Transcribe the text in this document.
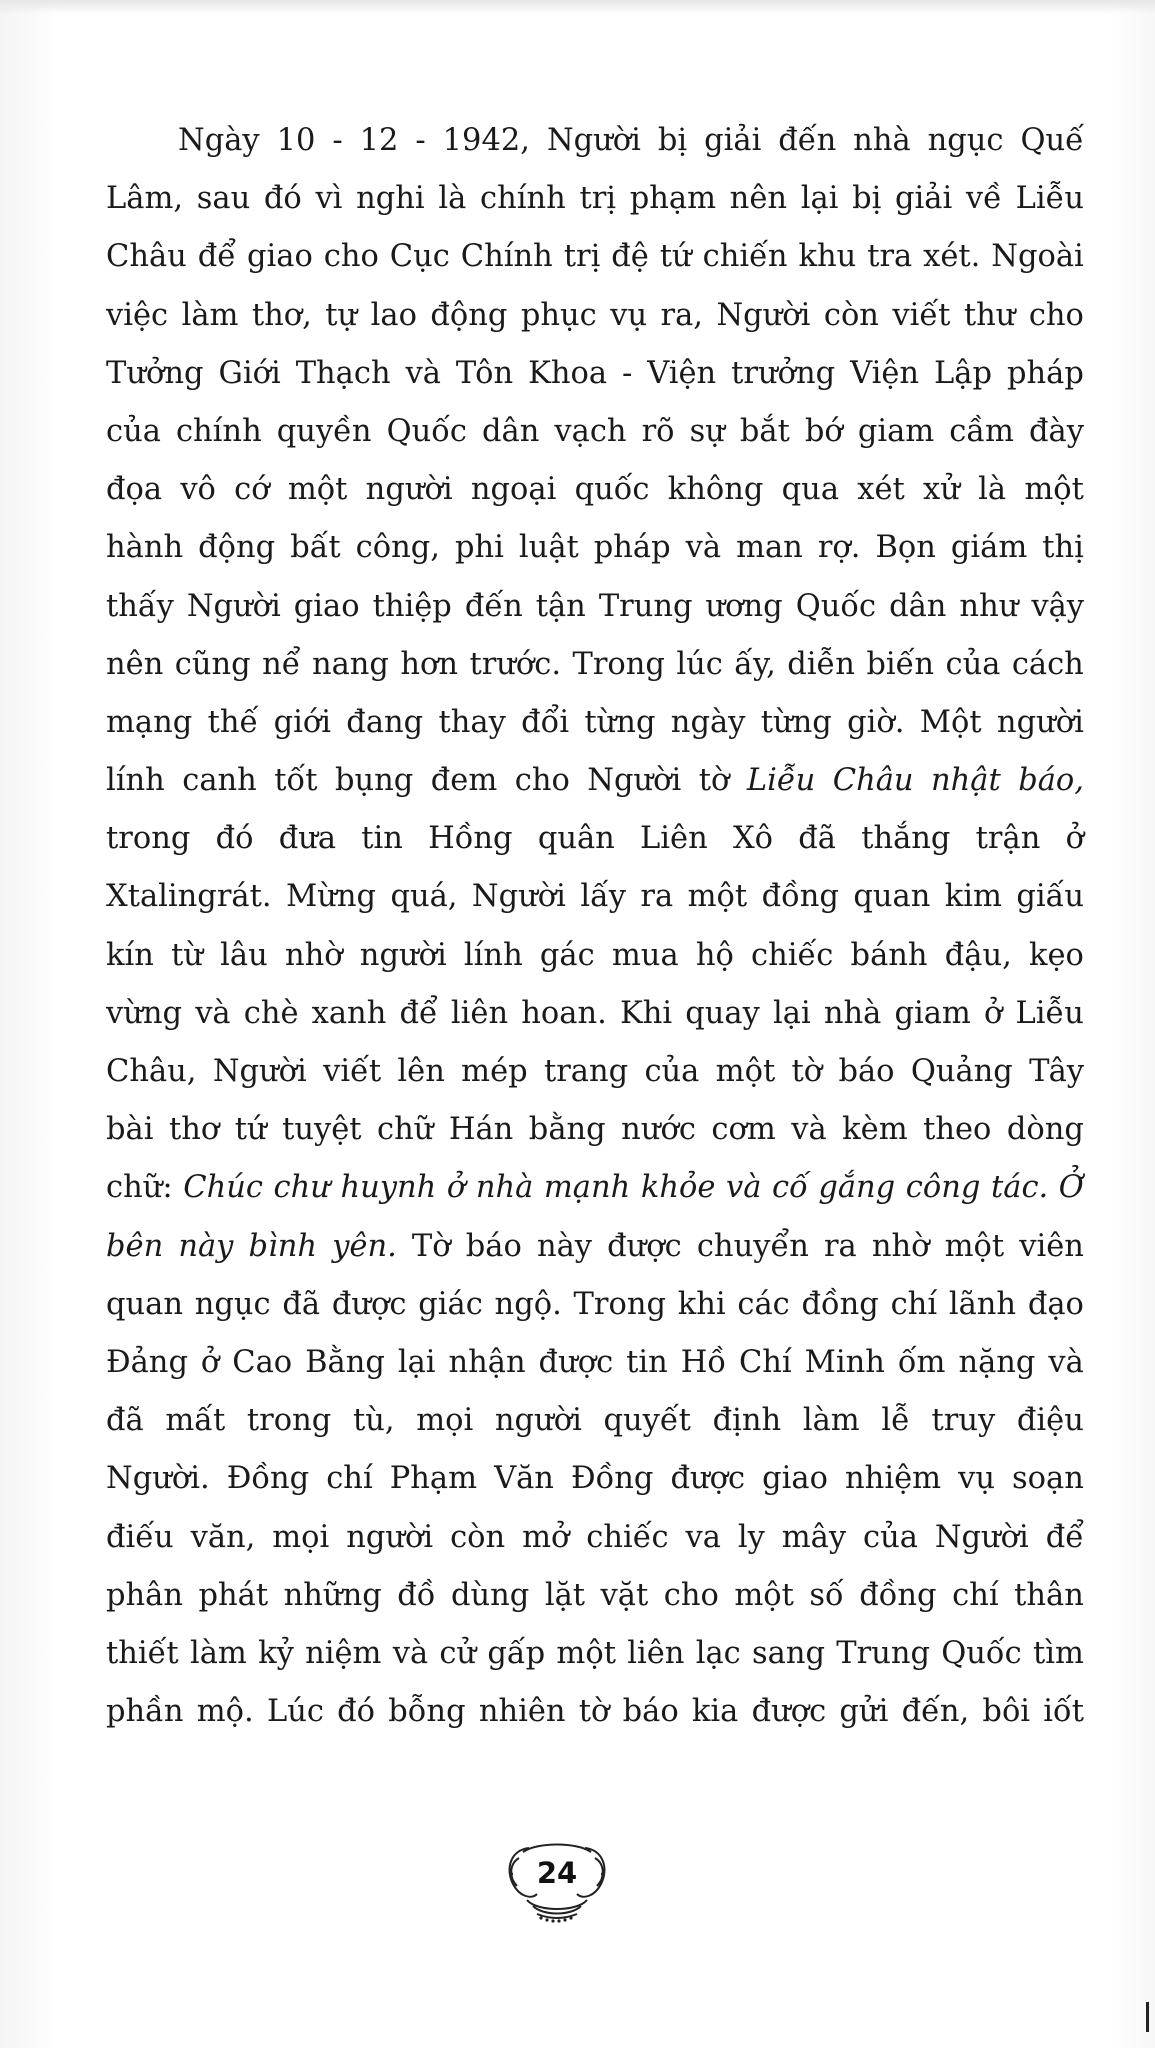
Ngày 10 - 12 - 1942, Người bị giải đến nhà ngục Quế
Lâm, sau đó vì nghi là chính trị phạm nên lại bị giải về Liễu
Châu để giao cho Cục Chính trị đệ tứ chiến khu tra xét. Ngoài
việc làm thơ, tự lao động phục vụ ra, Người còn viết thư cho
Tưởng Giới Thạch và Tôn Khoa - Viện trưởng Viện Lập pháp
của chính quyền Quốc dân vạch rõ sự bắt bớ giam cầm đày
đọa vô cớ một người ngoại quốc không qua xét xử là một
hành động bất công, phi luật pháp và man rợ. Bọn giám thị
thấy Người giao thiệp đến tận Trung ương Quốc dân như vậy
nên cũng nể nang hơn trước. Trong lúc ấy, diễn biến của cách
mạng thế giới đang thay đổi từng ngày từng giờ. Một người
lính canh tốt bụng đem cho Người tờ Liễu Châu nhật báo,
trong đó đưa tin Hồng quân Liên Xô đã thắng trận ở
Xtalingrát. Mừng quá, Người lấy ra một đồng quan kim giấu
kín từ lâu nhờ người lính gác mua hộ chiếc bánh đậu, kẹo
vừng và chè xanh để liên hoan. Khi quay lại nhà giam ở Liễu
Châu, Người viết lên mép trang của một tờ báo Quảng Tây
bài thơ tứ tuyệt chữ Hán bằng nước cơm và kèm theo dòng
chữ: Chúc chư huynh ở nhà mạnh khỏe và cố gắng công tác. Ở
bên này bình yên. Tờ báo này được chuyển ra nhờ một viên
quan ngục đã được giác ngộ. Trong khi các đồng chí lãnh đạo
Đảng ở Cao Bằng lại nhận được tin Hồ Chí Minh ốm nặng và
đã mất trong tù, mọi người quyết định làm lễ truy điệu
Người. Đồng chí Phạm Văn Đồng được giao nhiệm vụ soạn
điếu văn, mọi người còn mở chiếc va ly mây của Người để
phân phát những đồ dùng lặt vặt cho một số đồng chí thân
thiết làm kỷ niệm và cử gấp một liên lạc sang Trung Quốc tìm
phần mộ. Lúc đó bỗng nhiên tờ báo kia được gửi đến, bôi iốt
24
